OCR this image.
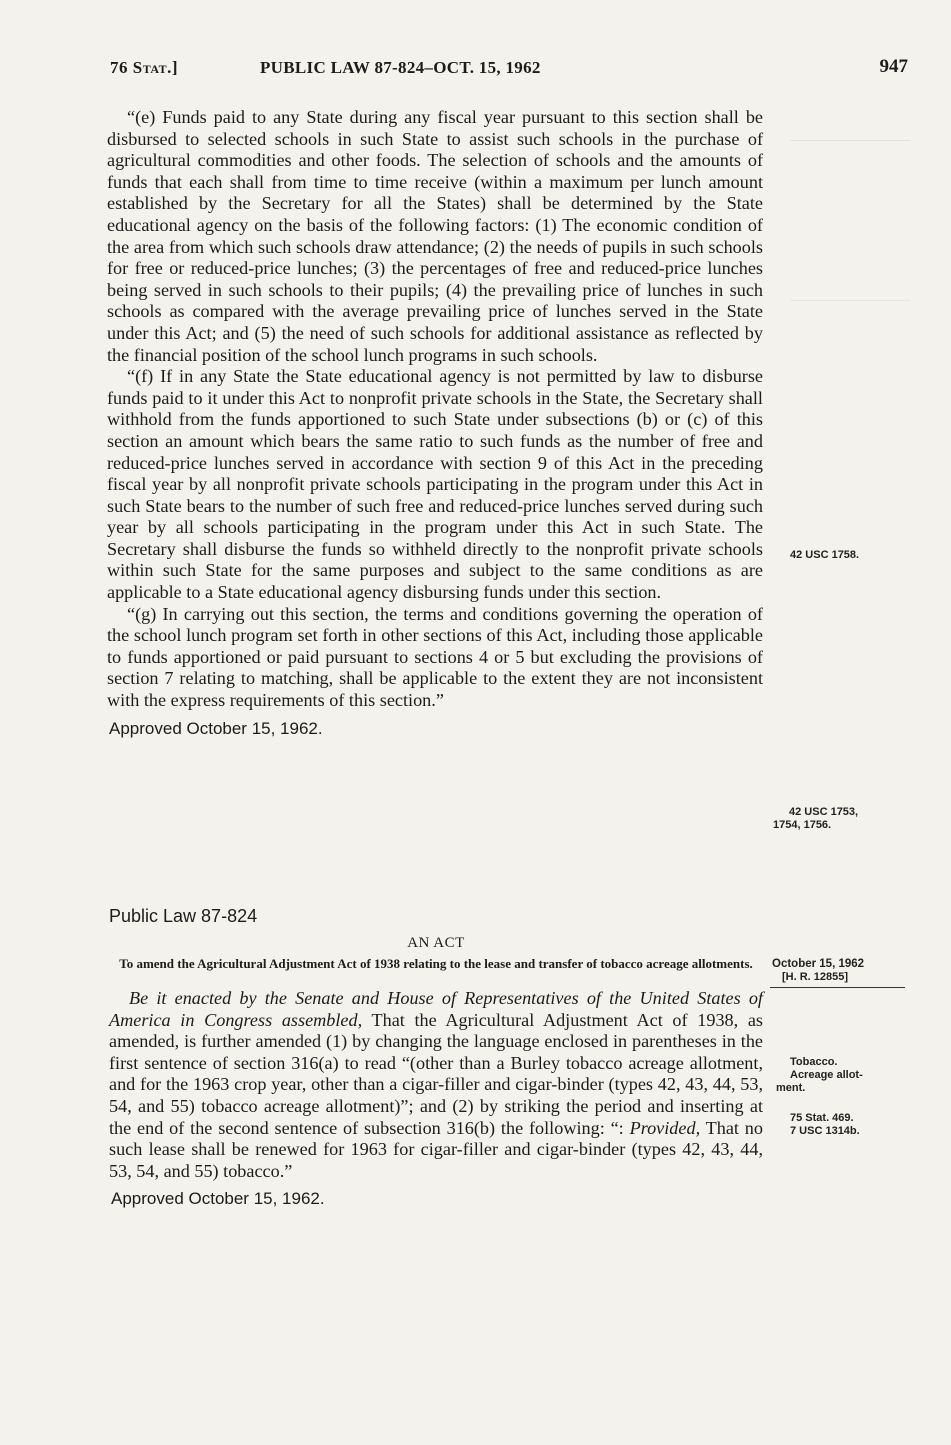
76 Stat.]	PUBLIC LAW 87-824–OCT. 15, 1962	947

“(e) Funds paid to any State during any fiscal year pursuant to this section shall be disbursed to selected schools in such State to assist such schools in the purchase of agricultural commodities and other foods. The selection of schools and the amounts of funds that each shall from time to time receive (within a maximum per lunch amount established by the Secretary for all the States) shall be determined by the State educational agency on the basis of the following factors: (1) The economic condition of the area from which such schools draw attendance; (2) the needs of pupils in such schools for free or reduced-price lunches; (3) the percentages of free and reduced-price lunches being served in such schools to their pupils; (4) the prevailing price of lunches in such schools as compared with the average prevailing price of lunches served in the State under this Act; and (5) the need of such schools for additional assistance as reflected by the financial position of the school lunch programs in such schools.

“(f) If in any State the State educational agency is not permitted by law to disburse funds paid to it under this Act to nonprofit private schools in the State, the Secretary shall withhold from the funds apportioned to such State under subsections (b) or (c) of this section an amount which bears the same ratio to such funds as the number of free and reduced-price lunches served in accordance with section 9 of this Act in the preceding fiscal year by all nonprofit private schools participating in the program under this Act in such State bears to the number of such free and reduced-price lunches served during such year by all schools participating in the program under this Act in such State. The Secretary shall disburse the funds so withheld directly to the nonprofit private schools within such State for the same purposes and subject to the same conditions as are applicable to a State educational agency disbursing funds under this section.

“(g) In carrying out this section, the terms and conditions governing the operation of the school lunch program set forth in other sections of this Act, including those applicable to funds apportioned or paid pursuant to sections 4 or 5 but excluding the provisions of section 7 relating to matching, shall be applicable to the extent they are not inconsistent with the express requirements of this section.”

Approved October 15, 1962.

Public Law 87-824

AN ACT

To amend the Agricultural Adjustment Act of 1938 relating to the lease and transfer of tobacco acreage allotments.

Be it enacted by the Senate and House of Representatives of the United States of America in Congress assembled, That the Agricultural Adjustment Act of 1938, as amended, is further amended (1) by changing the language enclosed in parentheses in the first sentence of section 316(a) to read “(other than a Burley tobacco acreage allotment, and for the 1963 crop year, other than a cigar-filler and cigar-binder (types 42, 43, 44, 53, 54, and 55) tobacco acreage allotment)”; and (2) by striking the period and inserting at the end of the second sentence of subsection 316(b) the following: “: Provided, That no such lease shall be renewed for 1963 for cigar-filler and cigar-binder (types 42, 43, 44, 53, 54, and 55) tobacco.”

Approved October 15, 1962.

42 USC 1758.
42 USC 1753,
1754, 1756.
October 15, 1962
[H. R. 12855]
Tobacco.
Acreage allot-
ment.
75 Stat. 469.
7 USC 1314b.
